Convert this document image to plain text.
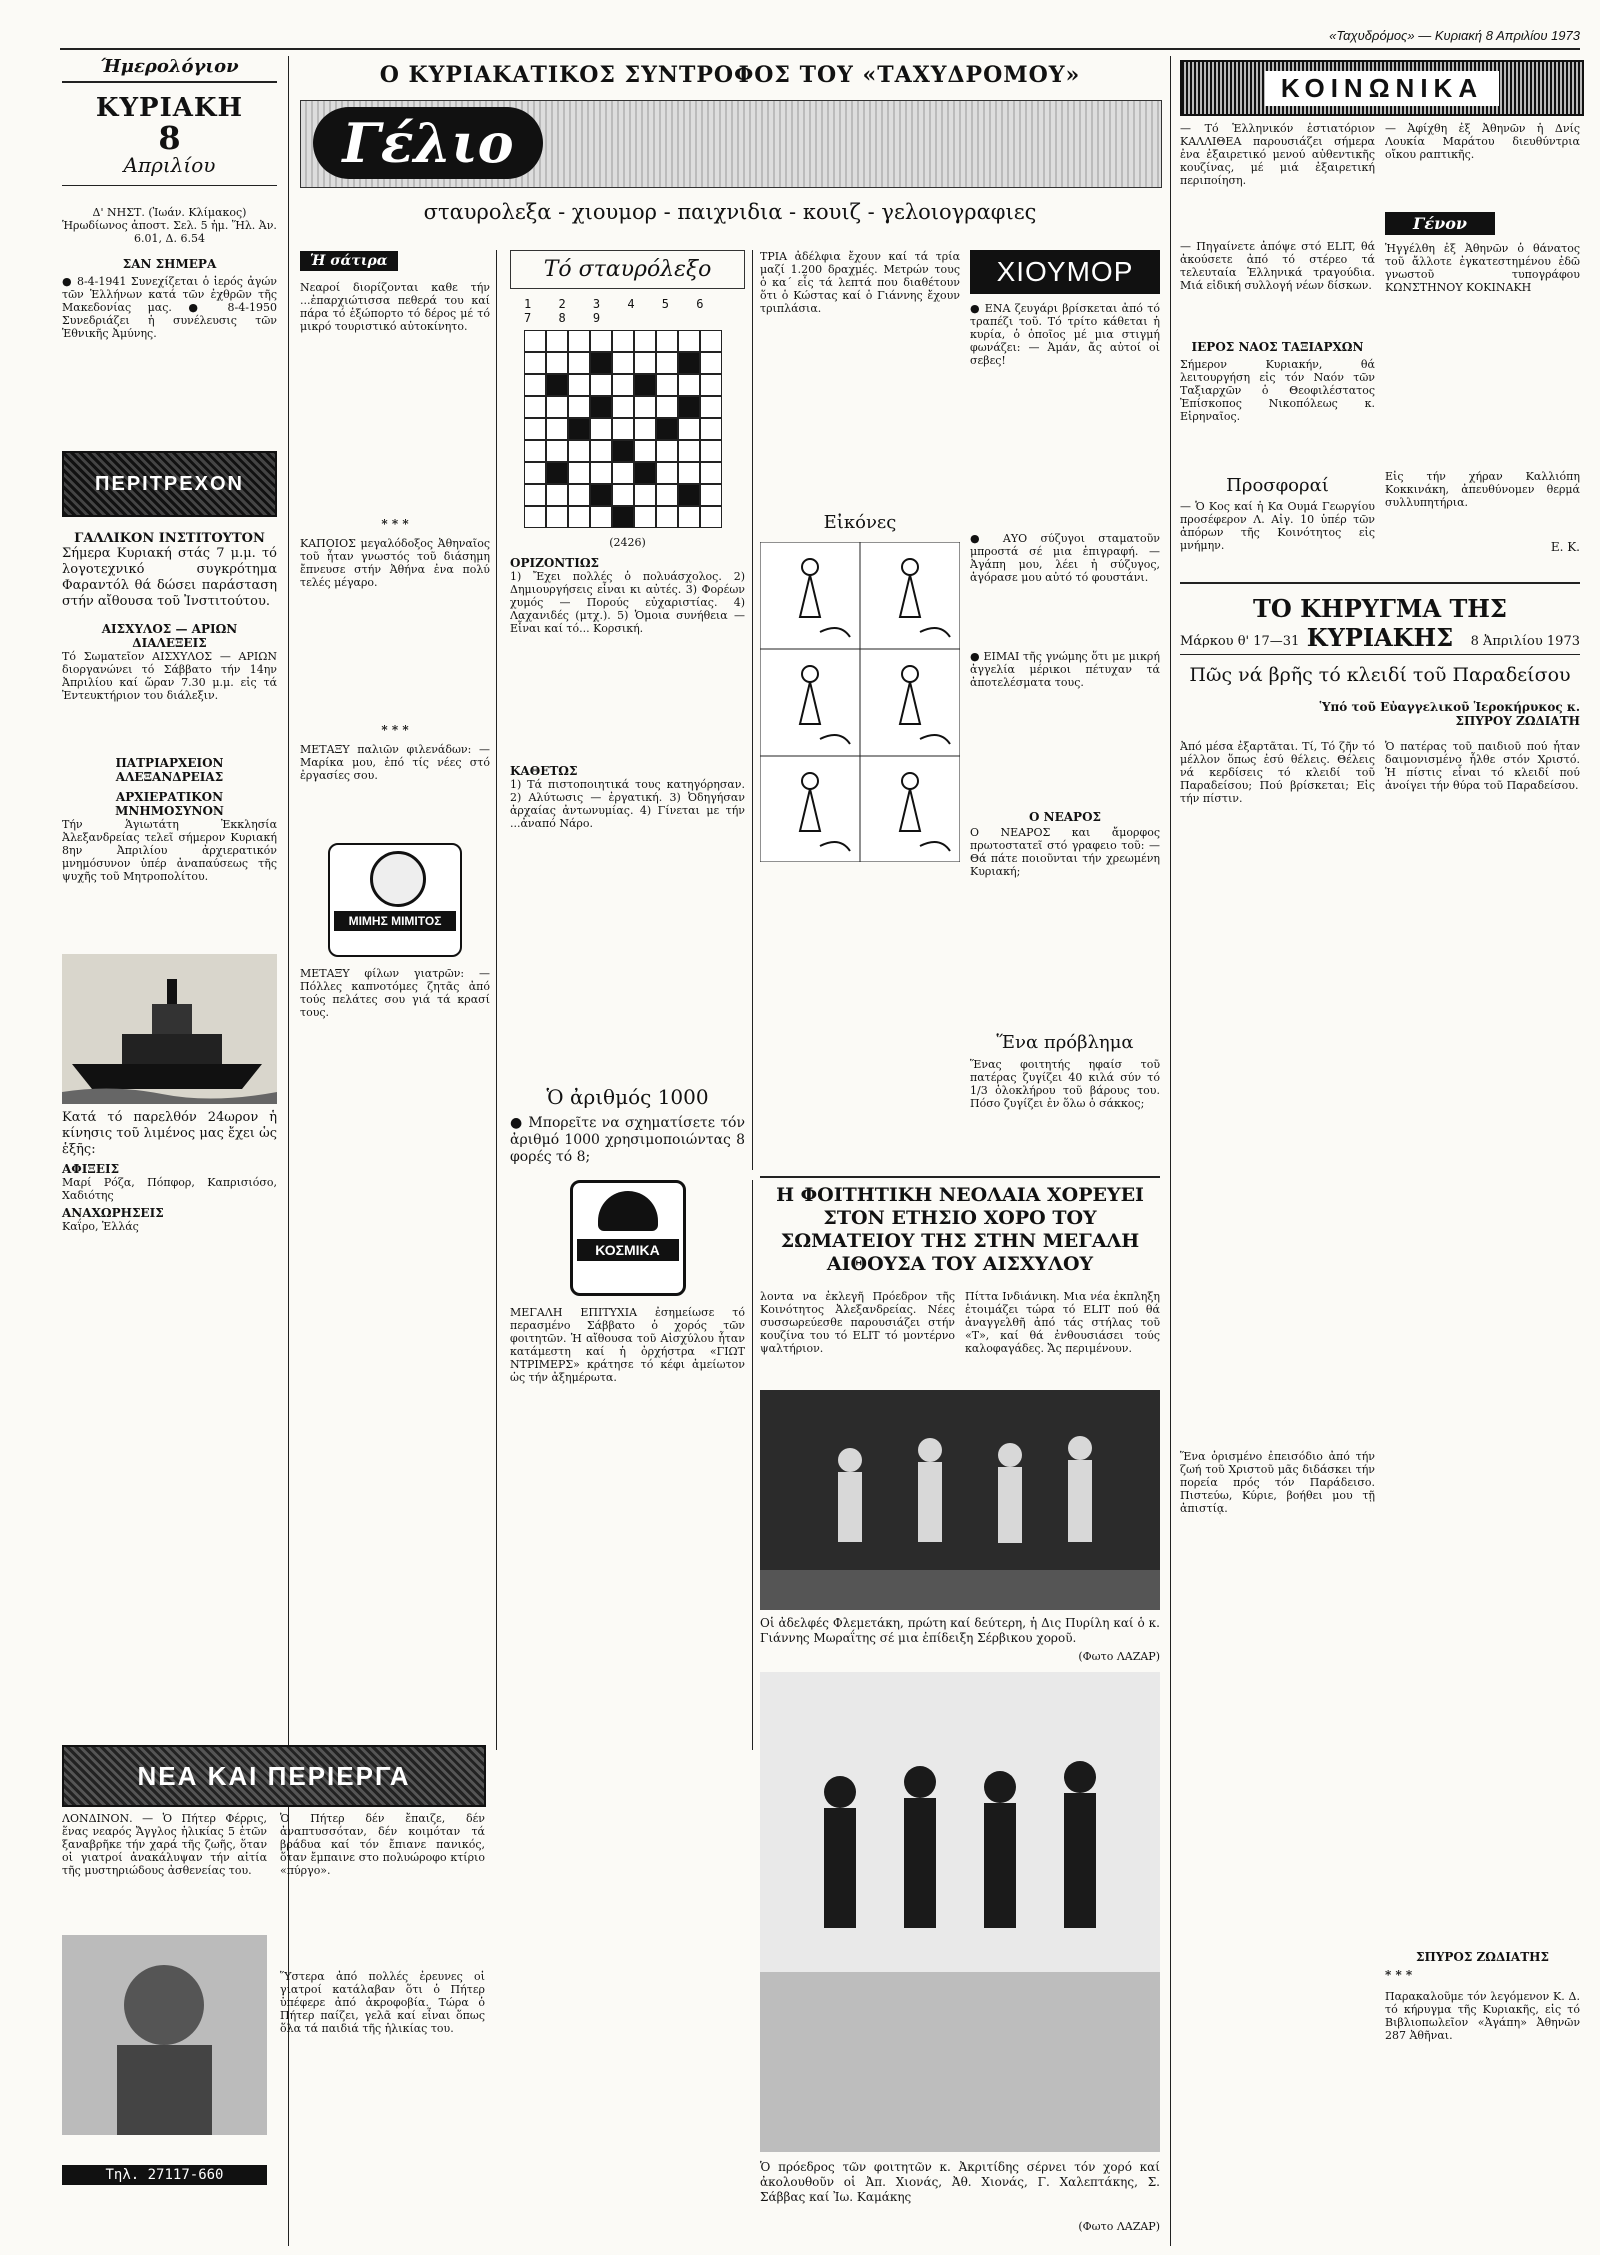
«Ταχυδρόμος» — Κυριακή 8 Απριλίου 1973
Ήμερολόγιον
ΚΥΡΙΑΚΗ
8
Απριλίου
Δ' ΝΗΣΤ. (Ἰωάν. Κλίμακος) Ἡρωδίωνος ἀποστ. Σελ. 5 ἡμ. Ἥλ. Ἀν. 6.01, Δ. 6.54
ΣΑΝ ΣΗΜΕΡΑ
● 8-4-1941 Συνεχίζεται ὁ ἱερός ἀγών τῶν Ἑλλήνων κατά τῶν ἐχθρῶν τῆς Μακεδονίας μας. ● 8-4-1950 Συνεδριάζει ἡ συνέλευσις τῶν Ἑθνικῆς Ἀμύνης.
ΠΕΡΙΤΡΕΧΟΝ
ΓΑΛΛΙΚΟΝ ΙΝΣΤΙΤΟΥΤΟΝ
Σήμερα Κυριακή στάς 7 μ.μ. τό λογοτεχνικό συγκρότημα Φαραντόλ θά δώσει παράσταση στήν αἴθουσα τοῦ Ἰνστιτούτου.
ΑΙΣΧΥΛΟΣ — ΑΡΙΩΝ
ΔΙΑΛΕΞΕΙΣ
Τό Σωματεῖον ΑΙΣΧΥΛΟΣ — ΑΡΙΩΝ διοργανώνει τό Σάββατο τήν 14ην Ἀπριλίου καί ὥραν 7.30 μ.μ. εἰς τά Ἐντευκτήριον του διάλεξιν.
ΠΑΤΡΙΑΡΧΕΙΟΝ ΑΛΕΞΑΝΔΡΕΙΑΣ
ΑΡΧΙΕΡΑΤΙΚΟΝ ΜΝΗΜΟΣΥΝΟΝ
Τήν Ἁγιωτάτη Ἐκκλησία Ἀλεξανδρείας τελεῖ σήμερον Κυριακή 8ην Ἀπριλίου ἀρχιερατικόν μνημόσυνον ὑπέρ ἀναπαύσεως τῆς ψυχῆς τοῦ Μητροπολίτου.
Κατά τό παρελθόν 24ωρον ἡ κίνησις τοῦ λιμένος μας ἔχει ὡς ἑξῆς:
ΑΦΙΞΕΙΣ
Μαρί Ρόζα, Πόπφορ, Καπρισιόσο, Χαδιότης
ΑΝΑΧΩΡΗΣΕΙΣ
Καΐρο, Ἑλλάς
Ο ΚΥΡΙΑΚΑΤΙΚΟΣ ΣΥΝΤΡΟΦΟΣ ΤΟΥ «ΤΑΧΥΔΡΟΜΟΥ»
Γέλιο
σταυρολεξα - χιουμορ - παιχνιδια - κουιζ - γελοιογραφιες
Ἡ σάτιρα
Νεαροί διορίζονται καθε τήν ...ἐπαρχιώτισσα πεθερά του καί πάρα τό ἐξώπορτο τό δέρος μέ τό μικρό τουριστικό αὐτοκίνητο.
* * *
ΚΑΠΟΙΟΣ μεγαλόδοξος Ἀθηναῖος τοῦ ἦταν γνωστός τοῦ διάσημη ἔπνευσε στήν Ἀθήνα ἐνα πολύ τελές μέγαρο.
* * *
ΜΕΤΑΞΥ παλιῶν φιλενάδων: — Μαρίκα μου, ἐπό τίς νέες στό ἐργασίες σου.
ΜΙΜΗΣ ΜΙΜΙΤΟΣ
ΜΕΤΑΞΥ φίλων γιατρῶν: — Πόλλες καπνοτόμες ζητᾶς ἀπό τούς πελάτες σου γιά τά κρασί τους.
Τό σταυρόλεξο
1 2 3 4 5 6 7 8 9
(2426)
ΟΡΙΖΟΝΤΙΩΣ
1) Ἔχει πολλές ὁ πολυάσχολος. 2) Δημιουργήσεις εἶναι κι αὐτές. 3) Φορέων χυμός — Πορούς εὐχαριστίας. 4) Λαχανιδές (μτχ.). 5) Ὁμοια συνήθεια — Εἶναι καί τό... Κορσική.
ΚΑΘΕΤΩΣ
1) Τά πιστοποιητικά τους κατηγόρησαν. 2) Αλύτωσις — ἐργατική. 3) Ὀδηγήσαν ἀρχαίας ἀντωνυμίας. 4) Γίνεται με τήν ...ἀναπό Νάρο.
Ὁ ἀριθμός 1000
● Μπορεῖτε να σχηματίσετε τόν ἀριθμό 1000 χρησιμοποιώντας 8 φορές τό 8;
ΤΡΙΑ ἀδέλφια ἔχουν καί τά τρία μαζί 1.200 δραχμές. Μετρών τους ὁ κα΄ εἷς τά λεπτά που διαθέτουν ὅτι ὁ Κώστας καί ὁ Γιάννης ἔχουν τριπλάσια.
ΧΙΟΥΜΟΡ
● ΕΝΑ ζευγάρι βρίσκεται ἀπό τό τραπέζι τοῦ. Τό τρίτο κάθεται ἡ κυρία, ὁ ὁποῖος μέ μια στιγμή φωνάζει: — Ἀμάν, ἄς αὐτοί οἱ σεβες!
Εἰκόνες
● ΑΥΟ σύζυγοι σταματοῦν μπροστά σέ μια ἐπιγραφή. — Ἀγάπη μου, λέει ἡ σύζυγος, ἀγόρασε μου αὐτό τό φουστάνι.
● ΕΙΜΑΙ τῆς γνώμης ὅτι με μικρή ἀγγελία μέρικοι πέτυχαν τά ἀποτελέσματα τους.
Ο ΝΕΑΡΟΣ
Ο ΝΕΑΡΟΣ και ἄμορφος πρωτοστατεῖ στό γραφειο τοῦ: — Θά πάτε ποιοῦνται τήν χρεωμένη Κυριακή;
Ἕνα πρόβλημα
Ἕνας φοιτητής ηφαίσ τοῦ πατέρας ζυγίζει 40 κιλά σύν τό 1/3 ὁλοκλήρου τοῦ βάρους του. Πόσο ζυγίζει ἐν ὅλω ὁ σάκκος;
ΚΟΣΜΙΚΑ
ΜΕΓΑΛΗ ΕΠΙΤΥΧΙΑ ἐσημείωσε τό περασμένο Σάββατο ὁ χορός τῶν φοιτητῶν. Ἡ αἴθουσα τοῦ Αἰσχύλου ἦταν κατάμεστη καί ἡ ὀρχήστρα «ΓΙΩΤ ΝΤΡΙΜΕΡΣ» κράτησε τό κέφι ἀμείωτον ὡς τήν ἀξημέρωτα.
Η ΦΟΙΤΗΤΙΚΗ ΝΕΟΛΑΙΑ ΧΟΡΕΥΕΙ ΣΤΟΝ ΕΤΗΣΙΟ ΧΟΡΟ ΤΟΥ ΣΩΜΑΤΕΙΟΥ ΤΗΣ ΣΤΗΝ ΜΕΓΑΛΗ ΑΙΘΟΥΣΑ ΤΟΥ ΑΙΣΧΥΛΟΥ
λοντα να ἐκλεγῆ Πρόεδρον τῆς Κοινότητος Ἀλεξανδρείας. Νέες συσσωρεύεσθε παρουσιάζει στήν κουζίνα του τό ELIT τό μοντέρνο ψαλτήριον.
Πίττα Ινδιάνικη. Μια νέα ἐκπληξη ἑτοιμάζει τώρα τό ELIT πού θά ἀναγγελθῆ ἀπό τάς στήλας τοῦ «Τ», καί θά ἐνθουσιάσει τούς καλοφαγάδες. Ἄς περιμένουν.
Οἱ ἀδελφές Φλεμετάκη, πρώτη καί δεύτερη, ἡ Δις Πυρίλη καί ὁ κ. Γιάννης Μωραΐτης σέ μια ἐπίδειξη Σέρβικου χοροῦ.
(Φωτο ΛΑΖΑΡ)
Ὁ πρόεδρος τῶν φοιτητῶν κ. Ἀκριτίδης σέρνει τόν χορό καί ἀκολουθοῦν οἱ Ἀπ. Χιονάς, Ἀθ. Χιονάς, Γ. Χαλεπτάκης, Σ. Σάββας καί Ἰω. Καμάκης
(Φωτο ΛΑΖΑΡ)
ΝΕΑ ΚΑΙ ΠΕΡΙΕΡΓΑ
ΛΟΝΔΙΝΟΝ. — Ὁ Πήτερ Φέρρις, ἕνας νεαρός Ἄγγλος ἡλικίας 5 ἐτῶν ξαναβρῆκε τήν χαρά τῆς ζωῆς, ὅταν οἱ γιατροί ἀνακάλυψαν τήν αἰτία τῆς μυστηριώδους ἀσθενείας του.
Τηλ. 27117-660
Ὁ Πήτερ δέν ἔπαιζε, δέν ἀναπτυσσόταν, δέν κοιμόταν τά βράδυα καί τόν ἔπιανε πανικός, ὅταν ἔμπαινε στο πολυώροφο κτίριο «πύργο».
Ὕστερα ἀπό πολλές ἐρευνες οἱ γιατροί κατάλαβαν ὅτι ὁ Πήτερ ὑπέφερε ἀπό ἀκροφοβία. Τώρα ὁ Πήτερ παίζει, γελᾶ καί εἶναι ὅπως ὅλα τά παιδιά τῆς ἡλικίας του.
ΚΟΙΝΩΝΙΚΑ
— Τό Ἑλληνικόν ἑστιατόριον ΚΑΛΛΙΘΕΑ παρουσιάζει σήμερα ἐνα ἐξαιρετικό μενού αὐθεντικῆς κουζίνας, μέ μιά ἐξαιρετική περιποίηση.
— Πηγαίνετε ἀπόψε στό ELIT, θά ἀκούσετε ἀπό τό στέρεο τά τελευταία Ἑλληνικά τραγούδια. Μιά εἰδική συλλογή νέων δίσκων.
ΙΕΡΟΣ ΝΑΟΣ ΤΑΞΙΑΡΧΩΝ
Σήμερον Κυριακήν, θά λειτουργήση εἰς τόν Ναόν τῶν Ταξιαρχῶν ὁ Θεοφιλέστατος Ἐπίσκοπος Νικοπόλεως κ. Εἰρηναῖος.
Προσφοραί
— Ὁ Κος καί ἡ Κα Ουμά Γεωργίου προσέφερον Λ. Αἰγ. 10 ὑπέρ τῶν ἀπόρων τῆς Κοινότητος εἰς μνήμην.
— Ἀφίχθη ἐξ Ἀθηνῶν ἡ Δνίς Λουκία Μαράτου διευθύντρια οἴκου ραπτικῆς.
Γένον
Ἡγγέλθη ἐξ Ἀθηνῶν ὁ θάνατος τοῦ ἄλλοτε ἐγκατεστημένου ἐδῶ γνωστοῦ τυπογράφου ΚΩΝΣΤΗΝΟΥ ΚΟΚΙΝΑΚΗ
Εἰς τήν χήραν Καλλιόπη Κοκκινάκη, ἀπευθύνομεν θερμά συλλυπητήρια.
Ε. Κ.
ΤΟ ΚΗΡΥΓΜΑ ΤΗΣ ΚΥΡΙΑΚΗΣ
Μάρκου θ' 17—31	8 Ἀπριλίου 1973
Πῶς νά βρῆς τό κλειδί τοῦ Παραδείσου
Ὑπό τοῦ Εὐαγγελικοῦ Ἱεροκήρυκος κ. ΣΠΥΡΟΥ ΖΩΔΙΑΤΗ
Ἀπό μέσα ἐξαρτᾶται. Τί, Τό ζῆν τό μέλλον ὅπως ἐσύ θέλεις. Θέλεις νά κερδίσεις τό κλειδί τοῦ Παραδείσου; Πού βρίσκεται; Εἰς τήν πίστιν.
Ἕνα ὁρισμένο ἐπεισόδιο ἀπό τήν ζωή τοῦ Χριστοῦ μᾶς διδάσκει τήν πορεία πρός τόν Παράδεισο. Πιστεύω, Κύριε, βοήθει μου τῇ ἀπιστίᾳ.
Ὁ πατέρας τοῦ παιδιοῦ πού ἦταν δαιμονισμένο ἦλθε στόν Χριστό. Ἡ πίστις εἶναι τό κλειδί πού ἀνοίγει τήν θύρα τοῦ Παραδείσου.
ΣΠΥΡΟΣ ΖΩΔΙΑΤΗΣ
* * *
Παρακαλοῦμε τόν λεγόμενον Κ. Δ. τό κήρυγμα τῆς Κυριακῆς, εἰς τό Βιβλιοπωλεῖον «Ἀγάπη» Ἀθηνῶν 287 Ἀθῆναι.
